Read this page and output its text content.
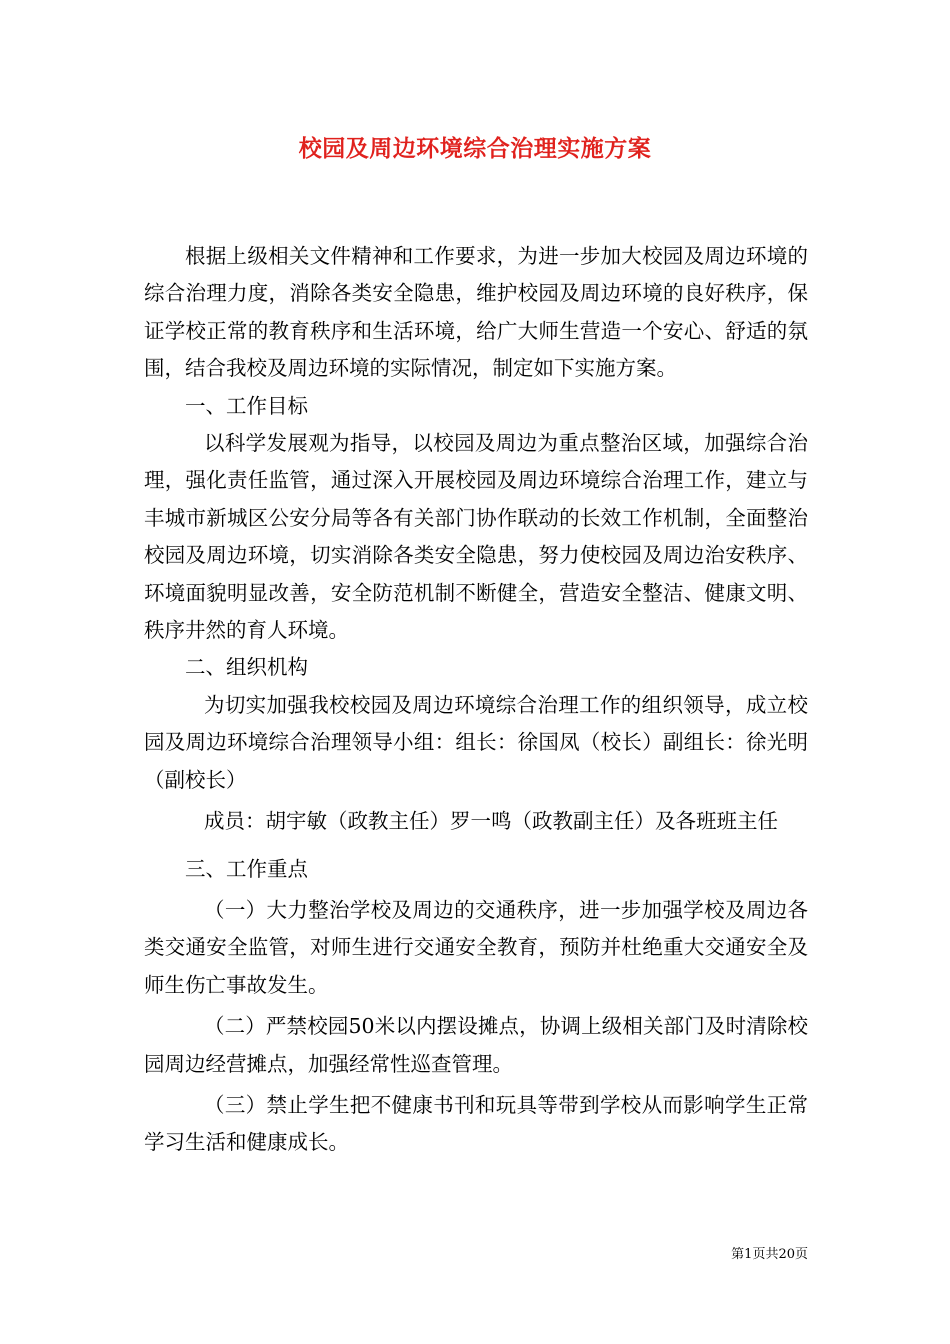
校园及周边环境综合治理实施方案

根据上级相关文件精神和工作要求，为进一步加大校园及周边环境的综合治理力度，消除各类安全隐患，维护校园及周边环境的良好秩序，保证学校正常的教育秩序和生活环境，给广大师生营造一个安心、舒适的氛围，结合我校及周边环境的实际情况，制定如下实施方案。

一、工作目标

以科学发展观为指导，以校园及周边为重点整治区域，加强综合治理，强化责任监管，通过深入开展校园及周边环境综合治理工作，建立与丰城市新城区公安分局等各有关部门协作联动的长效工作机制，全面整治校园及周边环境，切实消除各类安全隐患，努力使校园及周边治安秩序、环境面貌明显改善，安全防范机制不断健全，营造安全整洁、健康文明、秩序井然的育人环境。

二、组织机构

为切实加强我校校园及周边环境综合治理工作的组织领导，成立校园及周边环境综合治理领导小组：组长：徐国凤（校长）副组长：徐光明（副校长）

成员：胡宇敏（政教主任）罗一鸣（政教副主任）及各班班主任

三、工作重点

（一）大力整治学校及周边的交通秩序，进一步加强学校及周边各类交通安全监管，对师生进行交通安全教育，预防并杜绝重大交通安全及师生伤亡事故发生。

（二）严禁校园50米以内摆设摊点，协调上级相关部门及时清除校园周边经营摊点，加强经常性巡查管理。

（三）禁止学生把不健康书刊和玩具等带到学校从而影响学生正常学习生活和健康成长。

第1页共20页
